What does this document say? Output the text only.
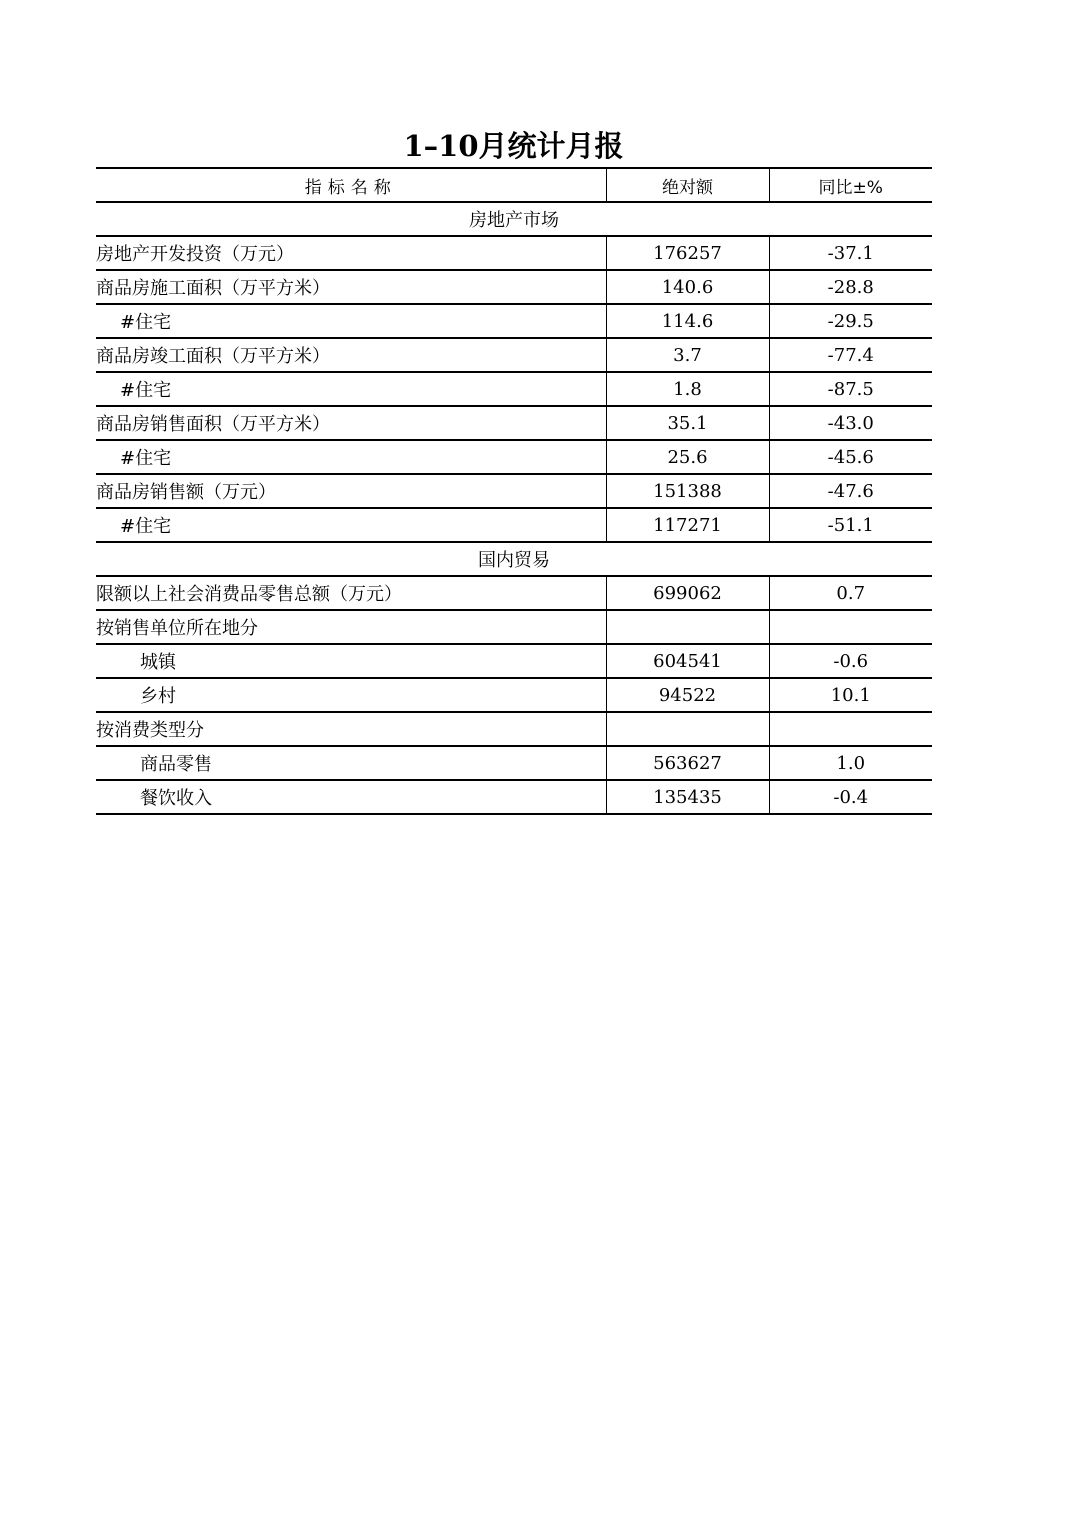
1–10月统计月报
指标名称	绝对额	同比±%
房地产市场		
房地产开发投资（万元）	176257	-37.1
商品房施工面积（万平方米）	140.6	-28.8
#住宅	114.6	-29.5
商品房竣工面积（万平方米）	3.7	-77.4
#住宅	1.8	-87.5
商品房销售面积（万平方米）	35.1	-43.0
#住宅	25.6	-45.6
商品房销售额（万元）	151388	-47.6
#住宅	117271	-51.1
国内贸易		
限额以上社会消费品零售总额（万元）	699062	0.7
按销售单位所在地分		
城镇	604541	-0.6
乡村	94522	10.1
按消费类型分		
商品零售	563627	1.0
餐饮收入	135435	-0.4
